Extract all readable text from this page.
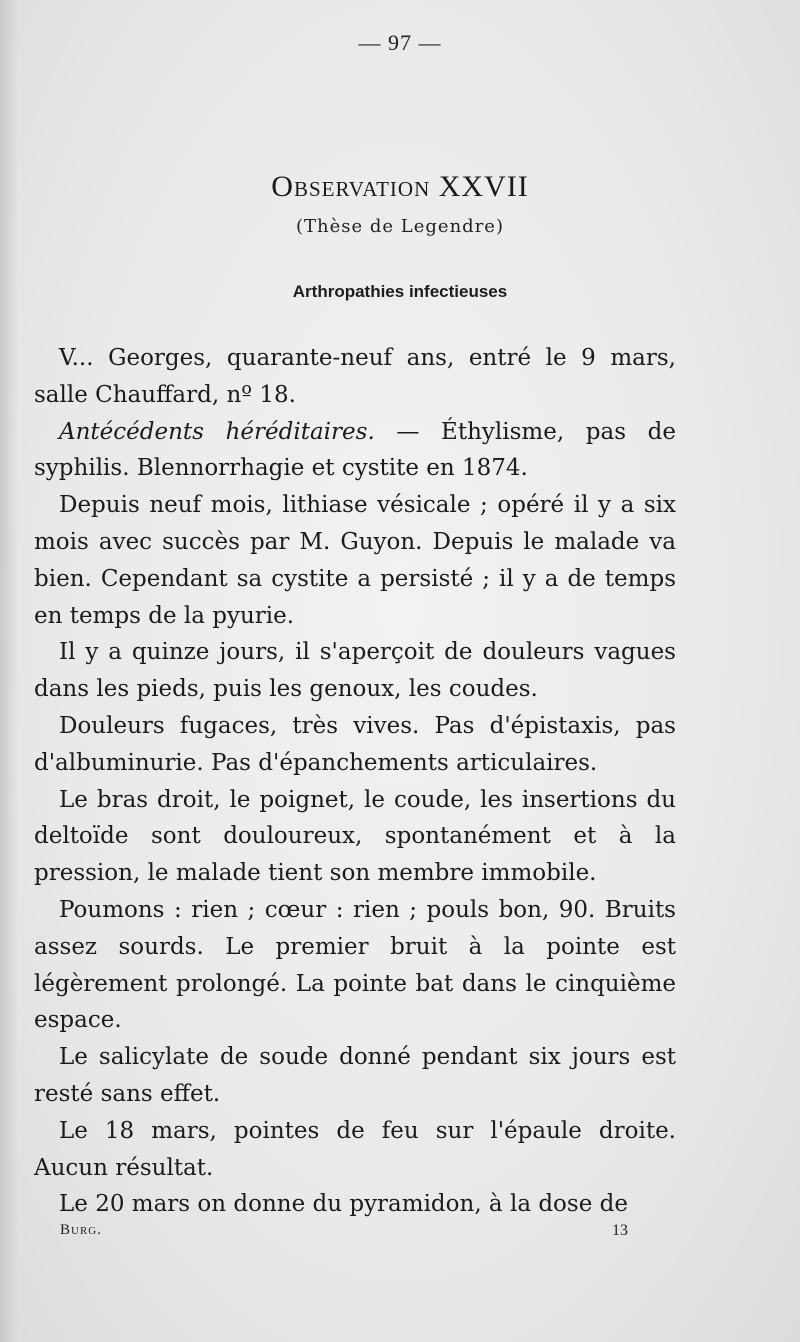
— 97 —
Observation XXVII
(Thèse de Legendre)
Arthropathies infectieuses

V... Georges, quarante-neuf ans, entré le 9 mars, salle Chauffard, nº 18.

Antécédents héréditaires. — Éthylisme, pas de syphilis. Blennorrhagie et cystite en 1874.

Depuis neuf mois, lithiase vésicale ; opéré il y a six mois avec succès par M. Guyon. Depuis le malade va bien. Cependant sa cystite a persisté ; il y a de temps en temps de la pyurie.

Il y a quinze jours, il s'aperçoit de douleurs vagues dans les pieds, puis les genoux, les coudes.

Douleurs fugaces, très vives. Pas d'épistaxis, pas d'albuminurie. Pas d'épanchements articulaires.

Le bras droit, le poignet, le coude, les insertions du deltoïde sont douloureux, spontanément et à la pression, le malade tient son membre immobile.

Poumons : rien ; cœur : rien ; pouls bon, 90. Bruits assez sourds. Le premier bruit à la pointe est légèrement prolongé. La pointe bat dans le cinquième espace.

Le salicylate de soude donné pendant six jours est resté sans effet.

Le 18 mars, pointes de feu sur l'épaule droite. Aucun résultat.

Le 20 mars on donne du pyramidon, à la dose de

Burg.	13
